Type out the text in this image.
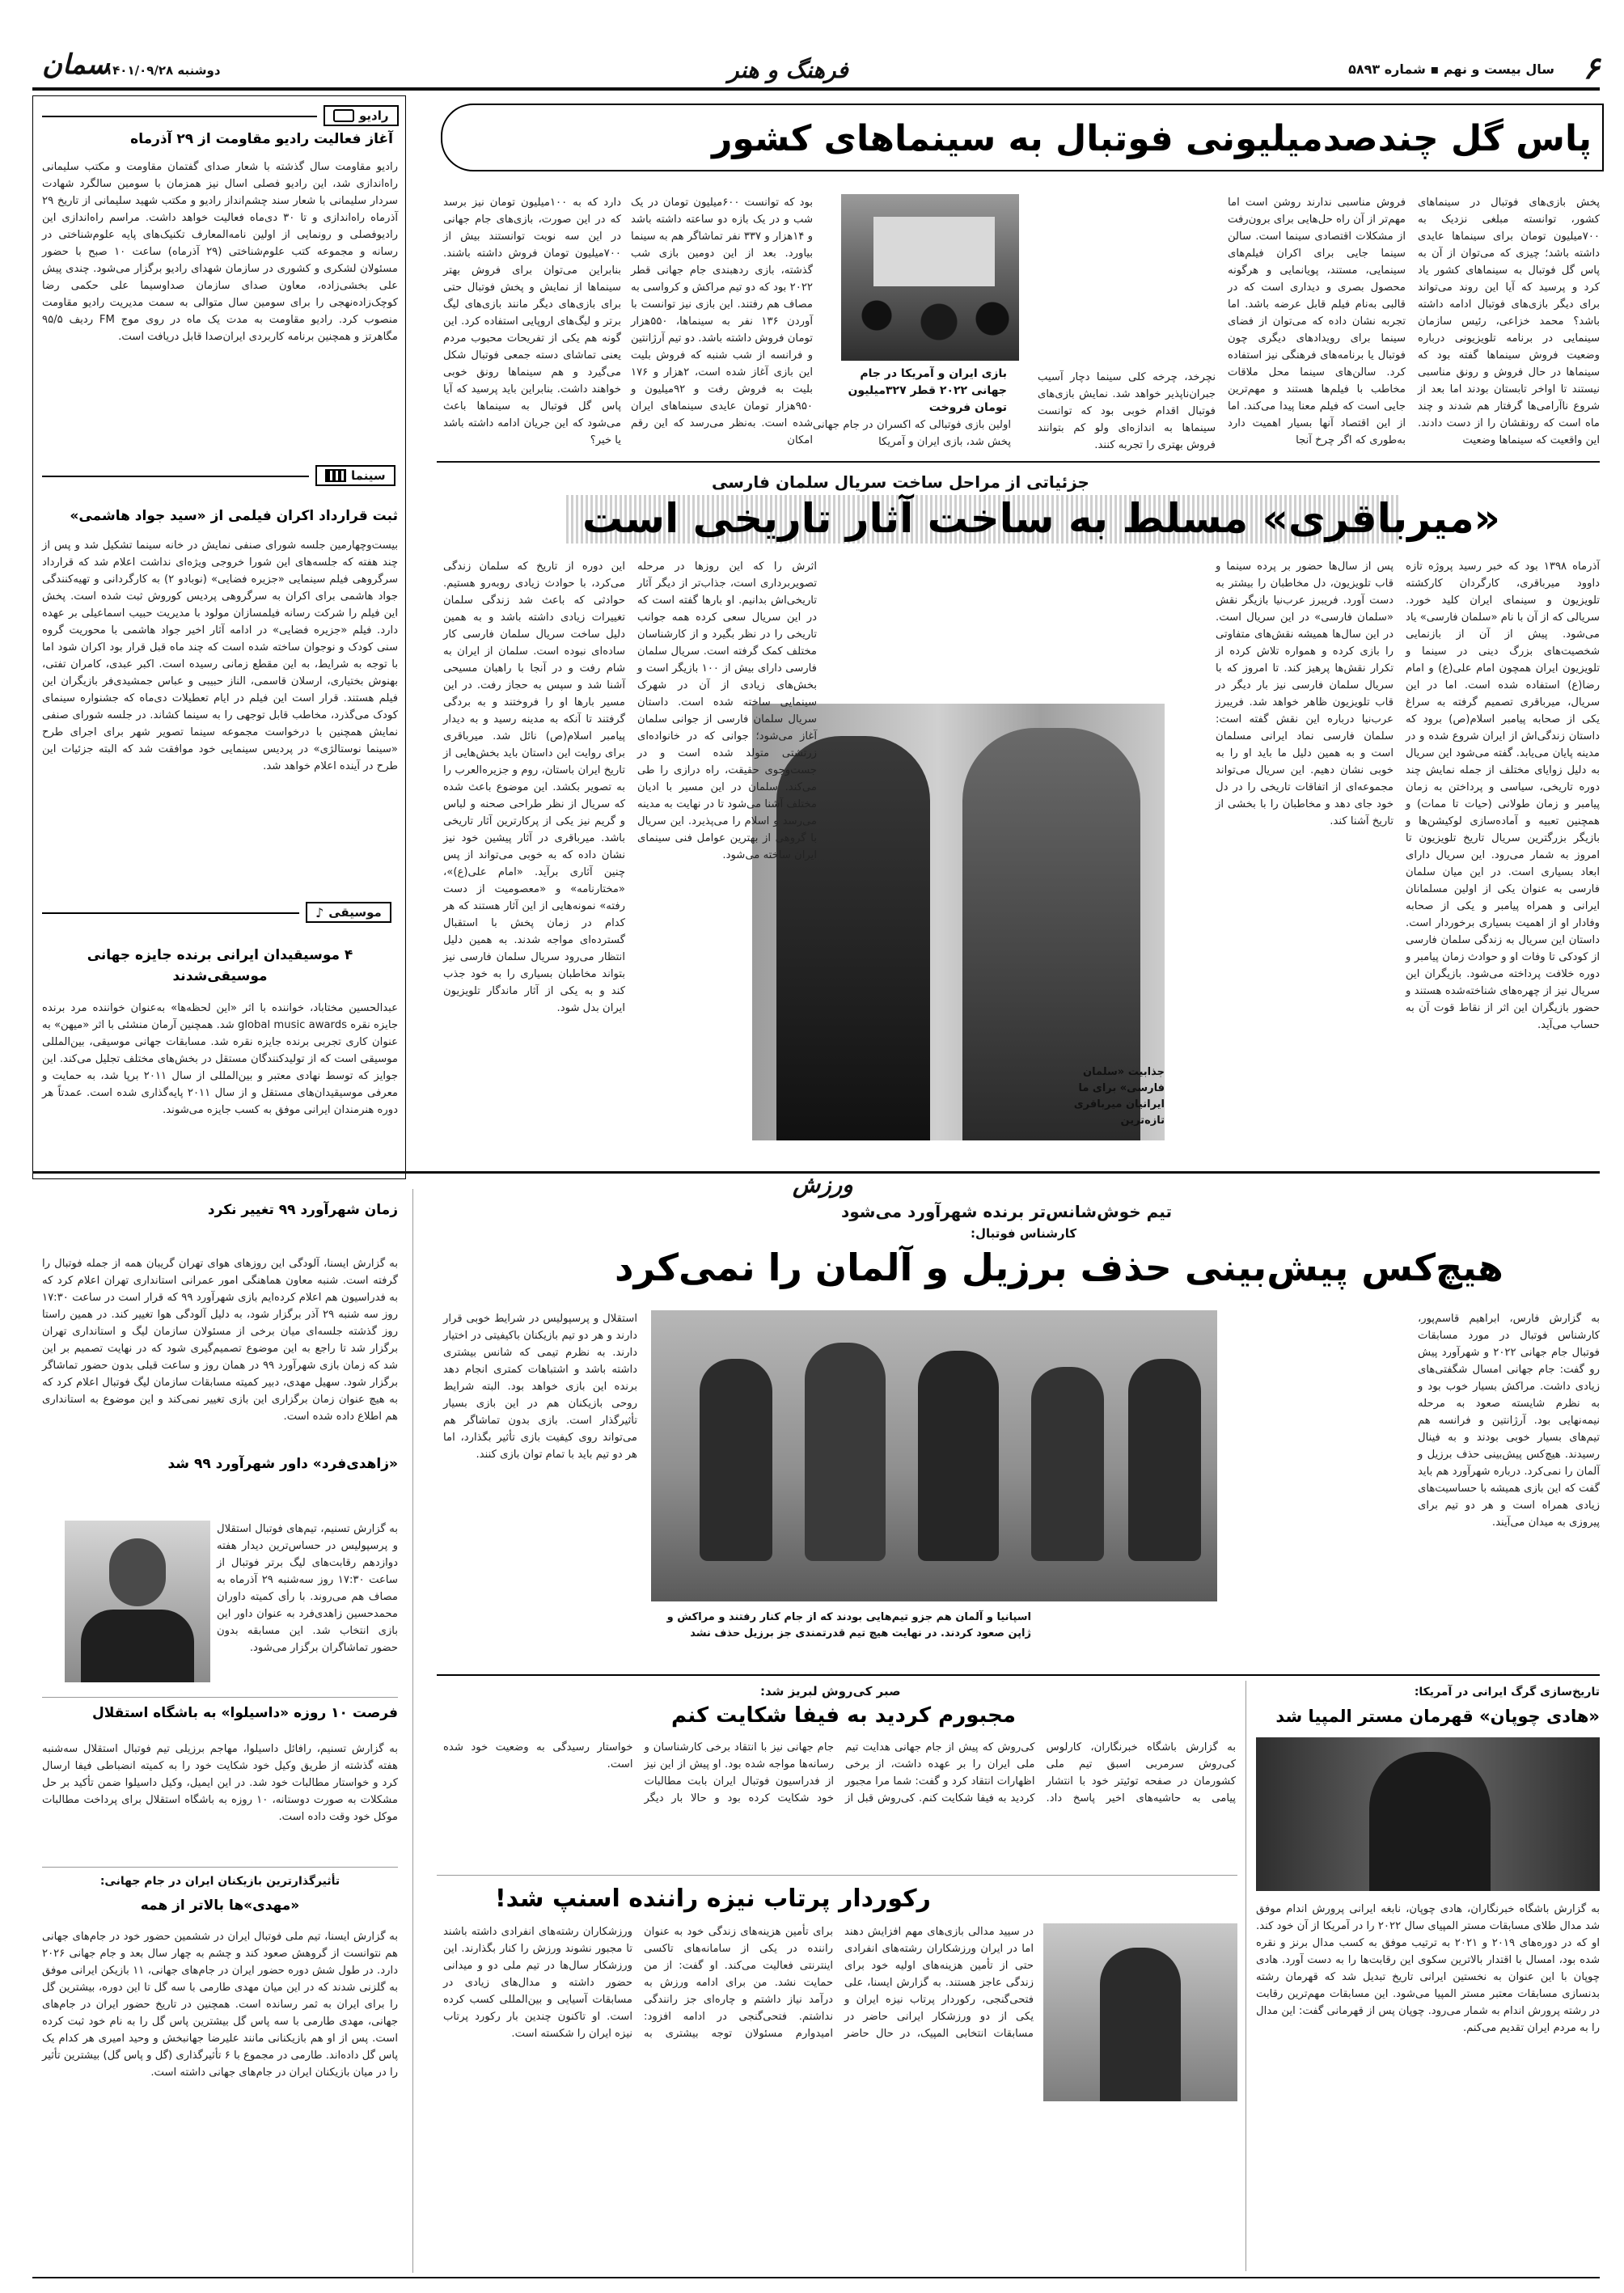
۶
سال بیست و نهم ▪ شماره ۵۸۹۳
فرهنگ و هنر
سمان
دوشنبه ۱۴۰۱/۰۹/۲۸
رادیو
آغاز فعالیت رادیو مقاومت از ۲۹ آذرماه
رادیو مقاومت سال گذشته با شعار صدای گفتمان مقاومت و مکتب سلیمانی راه‌اندازی شد، این رادیو فصلی اسال نیز همزمان با سومین سالگرد شهادت سردار سلیمانی با شعار سند چشم‌انداز رادیو و مکتب شهید سلیمانی از تاریخ ۲۹ آذرماه راه‌اندازی و تا ۳۰ دی‌ماه فعالیت خواهد داشت. مراسم راه‌اندازی این رادیوفصلی و رونمایی از اولین نامه‌المعارف تکنیک‌های پایه علوم‌شناختی در رسانه و مجموعه کتب علوم‌شناختی (۲۹ آذرماه) ساعت ۱۰ صبح با حضور مسئولان لشکری و کشوری در سازمان شهدای رادیو برگزار می‌شود. چندی پیش علی بخشی‌زاده، معاون صدای سازمان صداوسیما علی حکمی رضا کوچک‌زاده‌نهجی را برای سومین سال متوالی به سمت مدیریت رادیو مقاومت منصوب کرد. رادیو مقاومت به مدت یک ماه در روی موج FM ردیف ۹۵/۵ مگاهرتز و همچنین برنامه کاربردی ایران‌صدا قابل دریافت است.
سینما
ثبت قرارداد اکران فیلمی از «سید جواد هاشمی»
بیست‌وچهارمین جلسه شورای صنفی نمایش در خانه سینما تشکیل شد و پس از چند هفته که جلسه‌های این شورا خروجی ویژه‌ای نداشت اعلام شد که قرارداد سرگروهی فیلم سینمایی «جزیره فضایی» (نوبادو ۲) به کارگردانی و تهیه‌کنندگی جواد هاشمی برای اکران به سرگروهی پردیس کوروش ثبت شده است. پخش این فیلم را شرکت رسانه فیلمسازان مولود با مدیریت حبیب اسماعیلی بر عهده دارد. فیلم «جزیره فضایی» در ادامه آثار اخیر جواد هاشمی با محوریت گروه سنی کودک و نوجوان ساخته شده است که چند ماه قبل قرار بود اکران شود اما با توجه به شرایط، به این مقطع زمانی رسیده است. اکبر عبدی، کامران تفتی، بهنوش بختیاری، ارسلان قاسمی، الناز حبیبی و عباس جمشیدی‌فر بازیگران این فیلم هستند. قرار است این فیلم در ایام تعطیلات دی‌ماه که جشنواره سینمای کودک می‌گذرد، مخاطب قابل توجهی را به سینما کشاند. در جلسه شورای صنفی نمایش همچنین با درخواست مجموعه سینما تصویر شهر برای اجرای طرح «سینما نوستالژی» در پردیس سینمایی خود موافقت شد که البته جزئیات این طرح در آینده اعلام خواهد شد.
موسیقی
♪
۴ موسیقیدان ایرانی برنده جایزه جهانی موسیقی‌شدند
عبدالحسین مختاباد، خواننده با اثر «این لحظه‌ها» به‌عنوان خواننده مرد برنده جایزه نقره global music awards شد. همچنین آرمان منشئی با اثر «میهن» به عنوان کاری تجربی برنده جایزه نقره شد. مسابقات جهانی موسیقی، بین‌المللی موسیقی است که از تولیدکنندگان مستقل در بخش‌های مختلف تجلیل می‌کند. این جوایز که توسط نهادی معتبر و بین‌المللی از سال ۲۰۱۱ برپا شد، به حمایت و معرفی موسیقیدان‌های مستقل و از سال ۲۰۱۱ پایه‌گذاری شده است. عمدتاً هر دوره هنرمندان ایرانی موفق به کسب جایزه می‌شوند.
پاس گل چندصدمیلیونی فوتبال به سینماهای کشور
پخش بازی‌های فوتبال در سینماهای کشور، توانسته مبلغی نزدیک به ۷۰۰میلیون تومان برای سینماها عایدی داشته باشد؛ چیزی که می‌توان از آن به پاس گل فوتبال به سینماهای کشور یاد کرد و پرسید که آیا این روند می‌تواند برای دیگر بازی‌های فوتبال ادامه داشته باشد؟ محمد خزاعی، رئیس سازمان سینمایی در برنامه تلویزیونی درباره وضعیت فروش سینماها گفته بود که سینماها در حال فروش و رونق مناسبی نیستند تا اواخر تابستان بودند اما بعد از شروع ناآرامی‌ها گرفتار هم شدند و چند ماه است که رونقشان را از دست دادند. این واقعیت که سینماها وضعیت
فروش مناسبی ندارند روشن است اما مهم‌تر از آن راه حل‌هایی برای برون‌رفت از مشکلات اقتصادی سینما است. سالن سینما جایی برای اکران فیلم‌های سینمایی، مستند، پویانمایی و هرگونه محصول بصری و دیداری است که در قالبی به‌نام فیلم قابل عرضه باشد. اما تجربه نشان داده که می‌توان از فضای سینما برای رویدادهای دیگری چون فوتبال یا برنامه‌های فرهنگی نیز استفاده کرد. سالن‌های سینما محل ملاقات مخاطب با فیلم‌ها هستند و مهم‌ترین جایی است که فیلم معنا پیدا می‌کند. اما از این اقتصاد آنها بسیار اهمیت دارد به‌طوری که اگر چرخ آنجا
نچرخد، چرخه کلی سینما دچار آسیب جبران‌ناپذیر خواهد شد. نمایش بازی‌های فوتبال اقدام خوبی بود که توانست سینماها به اندازه‌ای ولو کم بتوانند فروش بهتری را تجربه کنند.
بازی ایران و آمریکا در جام جهانی ۲۰۲۲ قطر ۳۲۷میلیون تومان فروخت
اولین بازی فوتبالی که اکسران در جام جهانی پخش شد، بازی ایران و آمریکا
بود که توانست ۶۰۰میلیون تومان در یک شب و در یک بازه دو ساعته داشته باشد و ۱۴هزار و ۳۳۷ نفر تماشاگر هم به سینما بیاورد. بعد از این دومین بازی شب گذشته، بازی ردهبندی جام جهانی قطر ۲۰۲۲ بود که دو تیم مراکش و کرواسی به مصاف هم رفتند. این بازی نیز توانست با آوردن ۱۳۶ نفر به سینماها، ۵۵۰هزار تومان فروش داشته باشد. دو تیم آرژانتین و فرانسه از شب شنبه که فروش بلیت این بازی آغاز شده است، ۲هزار و ۱۷۶ بلیت به فروش رفت و ۹۲میلیون و ۹۵۰هزار تومان عایدی سینماهای ایران شده است. به‌نظر می‌رسد که این رقم امکان
دارد که به ۱۰۰میلیون تومان نیز برسد که در این صورت، بازی‌های جام جهانی در این سه نوبت توانستند بیش از ۷۰۰میلیون تومان فروش داشته باشند. بنابراین می‌توان برای فروش بهتر سینماها از نمایش و پخش فوتبال حتی برای بازی‌های دیگر مانند بازی‌های لیگ برتر و لیگ‌های اروپایی استفاده کرد. این گونه هم یکی از تفریحات محبوب مردم یعنی تماشای دسته جمعی فوتبال شکل می‌گیرد و هم سینماها رونق خوبی خواهند داشت. بنابراین باید پرسید که آیا پاس گل فوتبال به سینماها باعث می‌شود که این جریان ادامه داشته باشد یا خیر؟
جزئیاتی از مراحل ساخت سریال سلمان فارسی
«میرباقری» مسلط به ساخت آثار تاریخی است
آذرماه ۱۳۹۸ بود که خبر رسید پروژه تازه داوود میرباقری، کارگردان کارکشته تلویزیون و سینمای ایران کلید خورد. سریالی که از آن با نام «سلمان فارسی» یاد می‌شود. پیش از آن از بازنمایی شخصیت‌های بزرگ دینی در سینما و تلویزیون ایران همچون امام علی(ع) و امام رضا(ع) استفاده شده است. اما در این سریال، میرباقری تصمیم گرفته به سراغ یکی از صحابه پیامبر اسلام(ص) برود که داستان زندگی‌اش از ایران شروع شده و در مدینه پایان می‌یابد. گفته می‌شود این سریال به دلیل زوایای مختلف از جمله نمایش چند دوره تاریخی، سیاسی و پرداختن به زمان پیامبر و زمان طولانی (حیات تا ممات) و همچنین تعبیه و آماده‌سازی لوکیشن‌ها و بازیگر بزرگترین سریال تاریخ تلویزیون تا امروز به شمار می‌رود. این سریال دارای ابعاد بسیاری است. در این میان سلمان فارسی به عنوان یکی از اولین مسلمانان ایرانی و همراه پیامبر و یکی از صحابه وفادار او از اهمیت بسیاری برخوردار است. داستان این سریال به زندگی سلمان فارسی از کودکی تا وفات او و حوادث زمان پیامبر و دوره خلافت پرداخته می‌شود. بازیگران این سریال نیز از چهره‌های شناخته‌شده هستند و حضور بازیگران این اثر از نقاط قوت آن به حساب می‌آید.
پس از سال‌ها حضور بر پرده سینما و قاب تلویزیون، دل مخاطبان را بیشتر به دست آورد. فریبرز عرب‌نیا بازیگر نقش «سلمان فارسی» در این سریال است. در این سال‌ها همیشه نقش‌های متفاوتی را بازی کرده و همواره تلاش کرده از تکرار نقش‌ها پرهیز کند. تا امروز که با سریال سلمان فارسی نیز بار دیگر در قاب تلویزیون ظاهر خواهد شد. فریبرز عرب‌نیا درباره این نقش گفته است: سلمان فارسی نماد ایرانی مسلمان است و به همین دلیل ما باید او را به خوبی نشان دهیم. این سریال می‌تواند مجموعه‌ای از اتفاقات تاریخی را در دل خود جای دهد و مخاطبان را با بخشی از تاریخ آشنا کند.
جذابیت «سلمان فارسی» برای ما ایرانیان میرباقری تازه‌ترین
اثرش را که این روزها در مرحله تصویربرداری است، جذاب‌تر از دیگر آثار تاریخی‌اش بدانیم. او بارها گفته است که در این سریال سعی کرده همه جوانب تاریخی را در نظر بگیرد و از کارشناسان مختلف کمک گرفته است. سریال سلمان فارسی دارای بیش از ۱۰۰ بازیگر است و بخش‌های زیادی از آن در شهرک سینمایی ساخته شده است. داستان سریال سلمان فارسی از جوانی سلمان آغاز می‌شود؛ جوانی که در خانواده‌ای زرتشتی متولد شده است و در جست‌وجوی حقیقت، راه درازی را طی می‌کند. سلمان در این مسیر با ادیان مختلف آشنا می‌شود تا در نهایت به مدینه می‌رسد و اسلام را می‌پذیرد. این سریال با گروهی از بهترین عوامل فنی سینمای ایران ساخته می‌شود.
این دوره از تاریخ که سلمان زندگی می‌کرد، با حوادث زیادی روبه‌رو هستیم. حوادثی که باعث شد زندگی سلمان تغییرات زیادی داشته باشد و به همین دلیل ساخت سریال سلمان فارسی کار ساده‌ای نبوده است. سلمان از ایران به شام رفت و در آنجا با راهبان مسیحی آشنا شد و سپس به حجاز رفت. در این مسیر بارها او را فروختند و به بردگی گرفتند تا آنکه به مدینه رسید و به دیدار پیامبر اسلام(ص) نائل شد. میرباقری برای روایت این داستان باید بخش‌هایی از تاریخ ایران باستان، روم و جزیره‌العرب را به تصویر بکشد. این موضوع باعث شده که سریال از نظر طراحی صحنه و لباس و گریم نیز یکی از پرکارترین آثار تاریخی باشد. میرباقری در آثار پیشین خود نیز نشان داده که به خوبی می‌تواند از پس چنین آثاری برآید. «امام علی(ع)»، «مختارنامه» و «معصومیت از دست رفته» نمونه‌هایی از این آثار هستند که هر کدام در زمان پخش با استقبال گسترده‌ای مواجه شدند. به همین دلیل انتظار می‌رود سریال سلمان فارسی نیز بتواند مخاطبان بسیاری را به خود جذب کند و به یکی از آثار ماندگار تلویزیون ایران بدل شود.
ورزش
زمان شهرآورد ۹۹ تغییر نکرد
به گزارش ایسنا، آلودگی این روزهای هوای تهران گریبان همه از جمله فوتبال را گرفته است. شنبه معاون هماهنگی امور عمرانی استانداری تهران اعلام کرد که به فدراسیون هم اعلام کرده‌ایم بازی شهرآورد ۹۹ که قرار است در ساعت ۱۷:۳۰ روز سه شنبه ۲۹ آذر برگزار شود، به دلیل آلودگی هوا تغییر کند. در همین راستا روز گذشته جلسه‌ای میان برخی از مسئولان سازمان لیگ و استانداری تهران برگزار شد تا راجع به این موضوع تصمیم‌گیری شود که در نهایت تصمیم بر این شد که زمان بازی شهرآورد ۹۹ در همان روز و ساعت قبلی بدون حضور تماشاگر برگزار شود. سهیل مهدی، دبیر کمیته مسابقات سازمان لیگ فوتبال اعلام کرد که به هیچ عنوان زمان برگزاری این بازی تغییر نمی‌کند و این موضوع به استانداری هم اطلاع داده شده است.
«زاهدی‌فرد» داور شهرآورد ۹۹ شد
به گزارش تسنیم، تیم‌های فوتبال استقلال و پرسپولیس در حساس‌ترین دیدار هفته دوازدهم رقابت‌های لیگ برتر فوتبال از ساعت ۱۷:۳۰ روز سه‌شنبه ۲۹ آذرماه به مصاف هم می‌روند. با رأی کمیته داوران محمدحسین زاهدی‌فرد به عنوان داور این بازی انتخاب شد. این مسابقه بدون حضور تماشاگران برگزار می‌شود.
فرصت ۱۰ روزه «داسیلوا» به باشگاه استقلال
به گزارش تسنیم، رافائل داسیلوا، مهاجم برزیلی تیم فوتبال استقلال سه‌شنبه هفته گذشته از طریق وکیل خود شکایت خود را به کمیته انضباطی فیفا ارسال کرد و خواستار مطالبات خود شد. در این ایمیل، وکیل داسیلوا ضمن تأکید بر حل مشکلات به صورت دوستانه، ۱۰ روزه به باشگاه استقلال برای پرداخت مطالبات موکل خود وقت داده است.
تأثیرگذارترین بازیکنان ایران در جام جهانی:
«مهدی»ها بالاتر از همه
به گزارش ایسنا، تیم ملی فوتبال ایران در ششمین حضور خود در جام‌های جهانی هم نتوانست از گروهش صعود کند و چشم به چهار سال بعد و جام جهانی ۲۰۲۶ دارد. در طول شش دوره حضور ایران در جام‌های جهانی، ۱۱ بازیکن ایرانی موفق به گلزنی شدند که در این میان مهدی طارمی با سه گل تا این دوره، بیشترین گل را برای ایران به ثمر رسانده است. همچنین در تاریخ حضور ایران در جام‌های جهانی، مهدی طارمی با سه پاس گل بیشترین پاس گل را به نام خود ثبت کرده است. پس از او هم بازیکنانی مانند علیرضا جهانبخش و وحید امیری هر کدام یک پاس گل داده‌اند. طارمی در مجموع با ۶ تأثیرگذاری (گل و پاس گل) بیشترین تأثیر را در میان بازیکنان ایران در جام‌های جهانی داشته است.
تیم خوش‌شانس‌تر برنده شهرآورد می‌شود
کارشناس فوتبال:
هیچ‌کس پیش‌بینی حذف برزیل و آلمان را نمی‌کرد
به گزارش فارس، ابراهیم قاسم‌پور، کارشناس فوتبال در مورد مسابقات فوتبال جام جهانی ۲۰۲۲ و شهرآورد پیش رو گفت: جام جهانی امسال شگفتی‌های زیادی داشت. مراکش بسیار خوب بود و به نظرم شایسته صعود به مرحله نیمه‌نهایی بود. آرژانتین و فرانسه هم تیم‌های بسیار خوبی بودند و به فینال رسیدند. هیچ‌کس پیش‌بینی حذف برزیل و آلمان را نمی‌کرد. درباره شهرآورد هم باید گفت که این بازی همیشه با حساسیت‌های زیادی همراه است و هر دو تیم برای پیروزی به میدان می‌آیند.
اسپانیا و آلمان هم جزو تیم‌هایی بودند که از جام کنار رفتند و مراکش و ژاپن صعود کردند. در نهایت هیچ تیم قدرتمندی جز برزیل حذف نشد
استقلال و پرسپولیس در شرایط خوبی قرار دارند و هر دو تیم بازیکنان باکیفیتی در اختیار دارند. به نظرم تیمی که شانس بیشتری داشته باشد و اشتباهات کمتری انجام دهد برنده این بازی خواهد بود. البته شرایط روحی بازیکنان هم در این بازی بسیار تأثیرگذار است. بازی بدون تماشاگر هم می‌تواند روی کیفیت بازی تأثیر بگذارد، اما هر دو تیم باید با تمام توان بازی کنند.
صبر کی‌روش لبریز شد:
مجبورم کردید به فیفا شکایت کنم
به گزارش باشگاه خبرنگاران، کارلوس کی‌روش سرمربی اسبق تیم ملی کشورمان در صفحه توئیتر خود با انتشار پیامی به حاشیه‌های اخیر پاسخ داد. کی‌روش که پیش از جام جهانی هدایت تیم ملی ایران را بر عهده داشت، از برخی اظهارات انتقاد کرد و گفت: شما مرا مجبور کردید به فیفا شکایت کنم. کی‌روش قبل از جام جهانی نیز با انتقاد برخی کارشناسان و رسانه‌ها مواجه شده بود. او پیش از این نیز از فدراسیون فوتبال ایران بابت مطالبات خود شکایت کرده بود و حالا بار دیگر خواستار رسیدگی به وضعیت خود شده است.
تاریخ‌سازی گرگ ایرانی در آمریکا:
«هادی چوپان» قهرمان مستر المپیا شد
به گزارش باشگاه خبرنگاران، هادی چوپان، نابغه ایرانی پرورش اندام موفق شد مدال طلای مسابقات مستر المپیای سال ۲۰۲۲ را در آمریکا از آن خود کند. او که در دوره‌های ۲۰۱۹ و ۲۰۲۱ به ترتیب موفق به کسب مدال برنز و نقره شده بود، امسال با اقتدار بالاترین سکوی این رقابت‌ها را به دست آورد. هادی چوپان با این عنوان به نخستین ایرانی تاریخ تبدیل شد که قهرمان رشته بدنسازی مسابقات معتبر مستر المپیا می‌شود. این مسابقات مهم‌ترین رقابت در رشته پرورش اندام به شمار می‌رود. چوپان پس از قهرمانی گفت: این مدال را به مردم ایران تقدیم می‌کنم.
رکوردار پرتاب نیزه راننده اسنپ شد!
در سیید مدالی بازی‌های مهم افزایش دهند اما در ایران ورزشکاران رشته‌های انفرادی حتی از تأمین هزینه‌های اولیه خود برای زندگی عاجز هستند. به گزارش ایسنا، علی فتحی‌گنجی، رکوردار پرتاب نیزه ایران و یکی از دو ورزشکار ایرانی حاضر در مسابقات انتخابی المپیک، در حال حاضر برای تأمین هزینه‌های زندگی خود به عنوان راننده در یکی از سامانه‌های تاکسی اینترنتی فعالیت می‌کند. او گفت: از من حمایت نشد. من برای ادامه ورزش به درآمد نیاز داشتم و چاره‌ای جز رانندگی نداشتم. فتحی‌گنجی در ادامه افزود: امیدوارم مسئولان توجه بیشتری به ورزشکاران رشته‌های انفرادی داشته باشند تا مجبور نشوند ورزش را کنار بگذارند. این ورزشکار سال‌ها در تیم ملی دو و میدانی حضور داشته و مدال‌های زیادی در مسابقات آسیایی و بین‌المللی کسب کرده است. او تاکنون چندین بار رکورد پرتاب نیزه ایران را شکسته است.
